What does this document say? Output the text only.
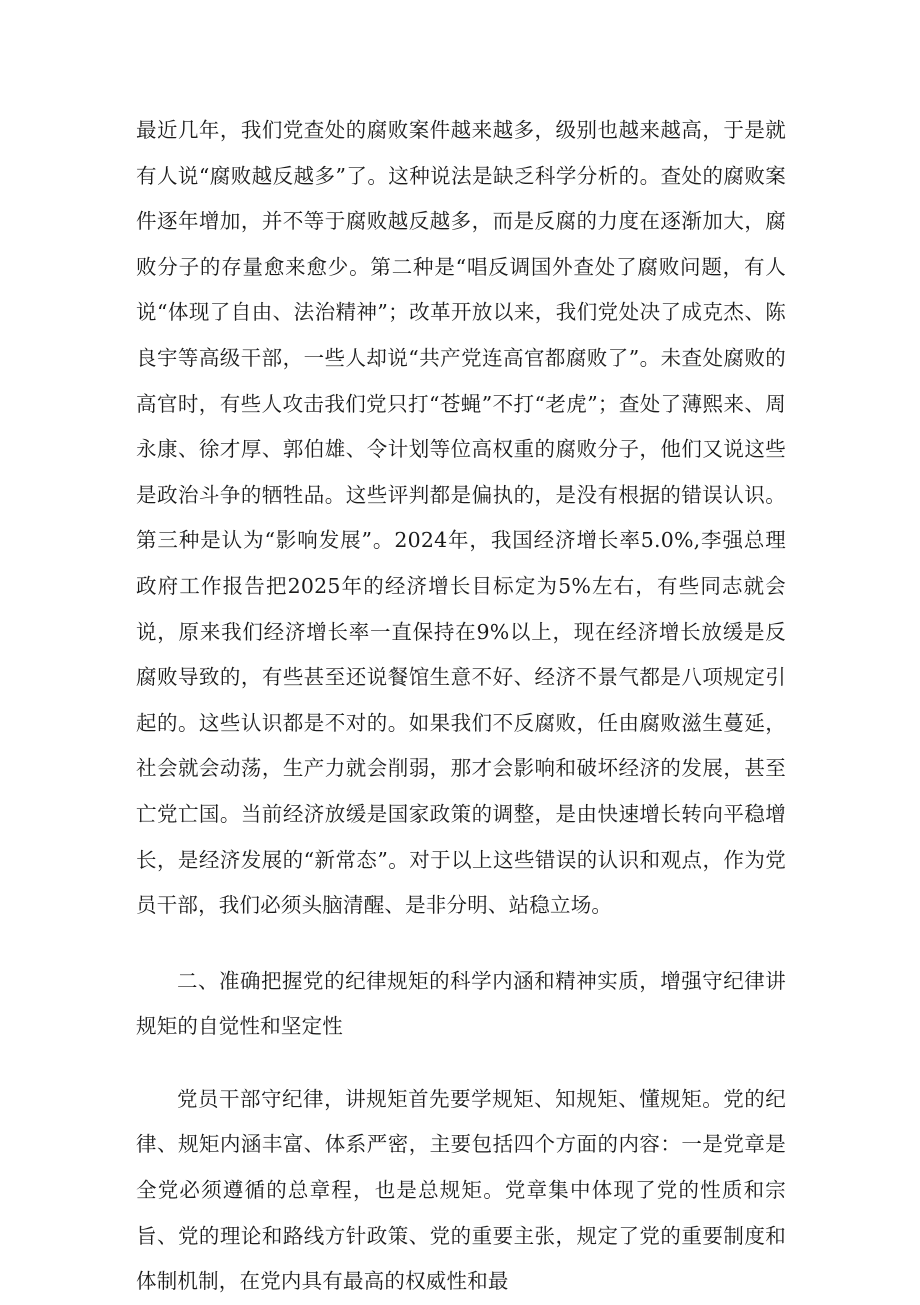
最近几年，我们党查处的腐败案件越来越多，级别也越来越高，于是就有人说“腐败越反越多”了。这种说法是缺乏科学分析的。查处的腐败案件逐年增加，并不等于腐败越反越多，而是反腐的力度在逐渐加大，腐败分子的存量愈来愈少。第二种是“唱反调国外查处了腐败问题，有人说“体现了自由、法治精神”；改革开放以来，我们党处决了成克杰、陈良宇等高级干部，一些人却说“共产党连高官都腐败了”。未查处腐败的高官时，有些人攻击我们党只打“苍蝇”不打“老虎”；查处了薄熙来、周永康、徐才厚、郭伯雄、令计划等位高权重的腐败分子，他们又说这些是政治斗争的牺牲品。这些评判都是偏执的，是没有根据的错误认识。第三种是认为“影响发展”。2024年，我国经济增长率5.0%,李强总理政府工作报告把2025年的经济增长目标定为5%左右，有些同志就会说，原来我们经济增长率一直保持在9%以上，现在经济增长放缓是反腐败导致的，有些甚至还说餐馆生意不好、经济不景气都是八项规定引起的。这些认识都是不对的。如果我们不反腐败，任由腐败滋生蔓延，社会就会动荡，生产力就会削弱，那才会影响和破坏经济的发展，甚至亡党亡国。当前经济放缓是国家政策的调整，是由快速增长转向平稳增长，是经济发展的“新常态”。对于以上这些错误的认识和观点，作为党员干部，我们必须头脑清醒、是非分明、站稳立场。

二、准确把握党的纪律规矩的科学内涵和精神实质，增强守纪律讲规矩的自觉性和坚定性

党员干部守纪律，讲规矩首先要学规矩、知规矩、懂规矩。党的纪律、规矩内涵丰富、体系严密，主要包括四个方面的内容：一是党章是全党必须遵循的总章程，也是总规矩。党章集中体现了党的性质和宗旨、党的理论和路线方针政策、党的重要主张，规定了党的重要制度和体制机制，在党内具有最高的权威性和最
